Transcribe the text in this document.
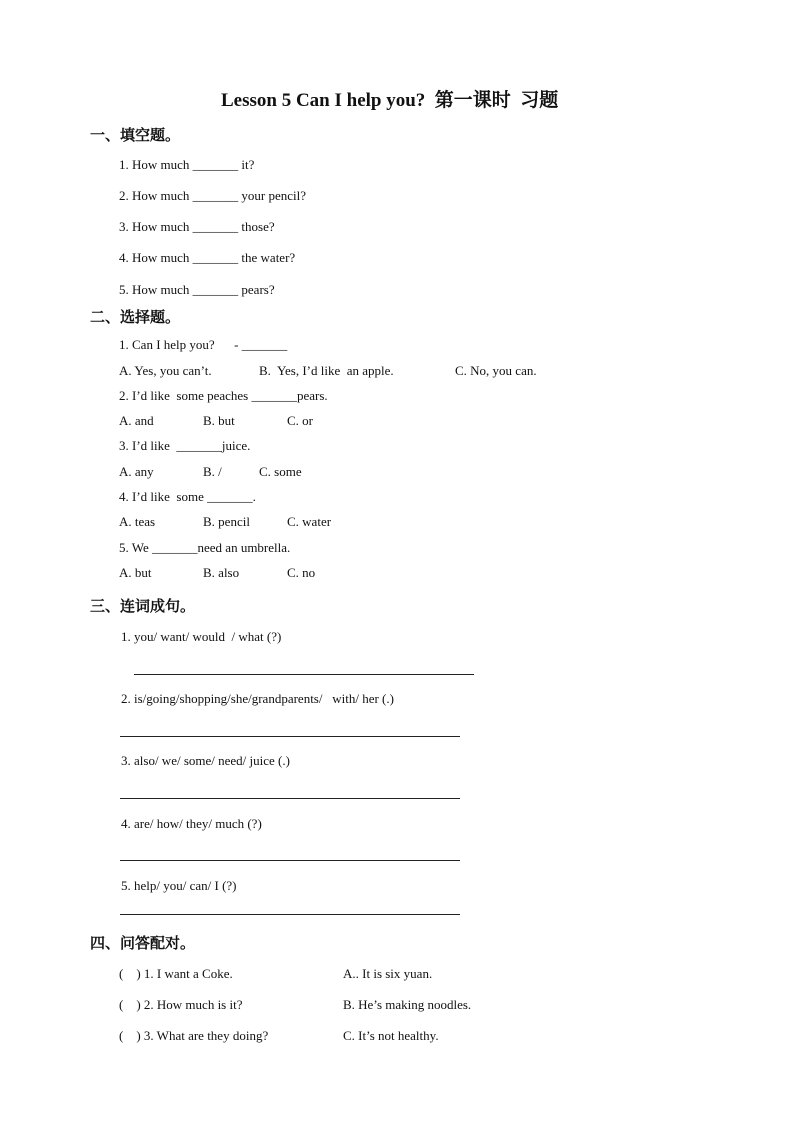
Lesson 5 Can I help you?  第一课时  习题
一、填空题。
1. How much _______ it?
2. How much _______ your pencil?
3. How much _______ those?
4. How much _______ the water?
5. How much _______ pears?
二、选择题。
1. Can I help you?      - _______
A. Yes, you can’t.	B.  Yes, I’d like  an apple.	C. No, you can.
2. I’d like  some peaches _______pears.
A. and	B. but	C. or
3. I’d like  _______juice.
A. any	B. /	C. some
4. I’d like  some _______.
A. teas	B. pencil	C. water
5. We _______need an umbrella.
A. but	B. also	C. no
三、连词成句。
1. you/ want/ would  / what (?)
2. is/going/shopping/she/grandparents/   with/ her (.)
3. also/ we/ some/ need/ juice (.)
4. are/ how/ they/ much (?)
5. help/ you/ can/ I (?)
四、问答配对。
(    ) 1. I want a Coke.	A.. It is six yuan.
(    ) 2. How much is it?	B. He’s making noodles.
(    ) 3. What are they doing?	C. It’s not healthy.
